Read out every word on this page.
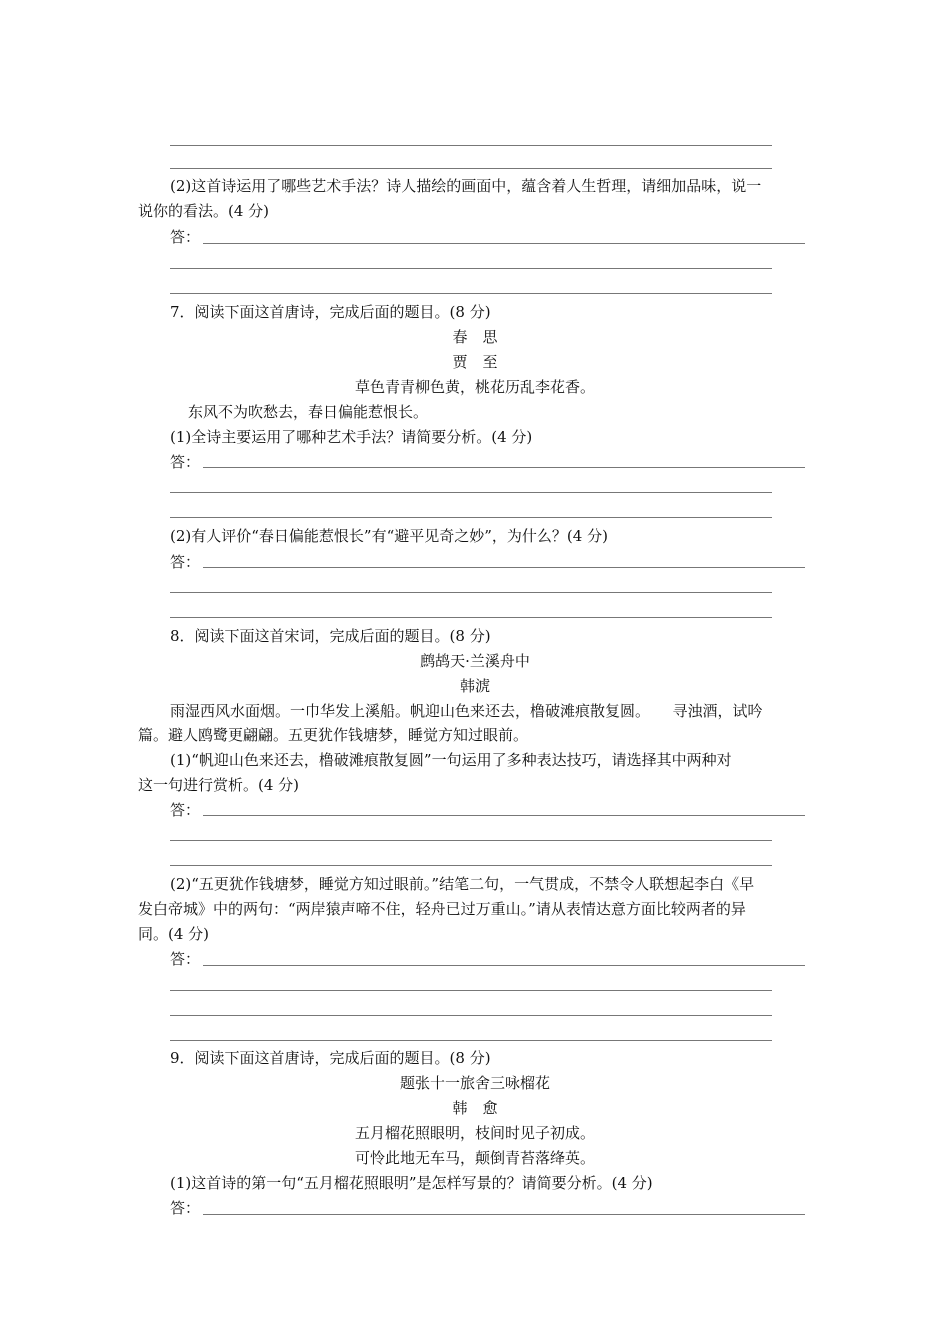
(2)这首诗运用了哪些艺术手法？诗人描绘的画面中，蕴含着人生哲理，请细加品味，说一
说你的看法。(4 分)
答：
7．阅读下面这首唐诗，完成后面的题目。(8 分)
春　思
贾　至
草色青青柳色黄，桃花历乱李花香。
东风不为吹愁去，春日偏能惹恨长。
(1)全诗主要运用了哪种艺术手法？请简要分析。(4 分)
答：
(2)有人评价“春日偏能惹恨长”有“避平见奇之妙”，为什么？(4 分)
答：
8．阅读下面这首宋词，完成后面的题目。(8 分)
鹧鸪天·兰溪舟中
韩淲
雨湿西风水面烟。一巾华发上溪船。帆迎山色来还去，橹破滩痕散复圆。　　寻浊酒，试吟
篇。避人鸥鹭更翩翩。五更犹作钱塘梦，睡觉方知过眼前。
(1)“帆迎山色来还去，橹破滩痕散复圆”一句运用了多种表达技巧，请选择其中两种对
这一句进行赏析。(4 分)
答：
(2)“五更犹作钱塘梦，睡觉方知过眼前。”结笔二句，一气贯成，不禁令人联想起李白《早
发白帝城》中的两句：“两岸猿声啼不住，轻舟已过万重山。”请从表情达意方面比较两者的异
同。(4 分)
答：
9．阅读下面这首唐诗，完成后面的题目。(8 分)
题张十一旅舍三咏榴花
韩　愈
五月榴花照眼明，枝间时见子初成。
可怜此地无车马，颠倒青苔落绛英。
(1)这首诗的第一句“五月榴花照眼明”是怎样写景的？请简要分析。(4 分)
答：
